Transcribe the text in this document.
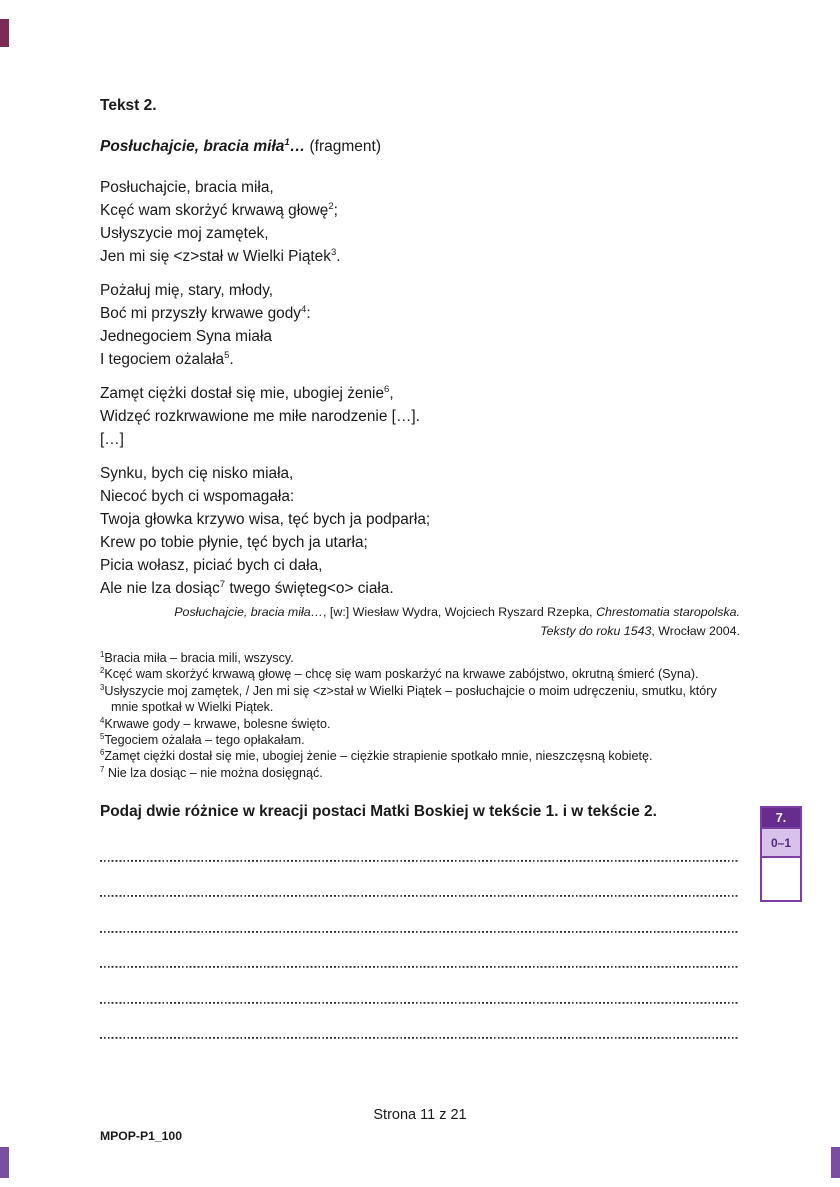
Tekst 2.
Posłuchajcie, bracia miła$^1$… (fragment)
Posłuchajcie, bracia miła,
Kcęć wam skorżyć krwawą głowę$^2$;
Usłyszycie moj zamętek,
Jen mi się <z>stał w Wielki Piątek$^3$.
Pożałuj mię, stary, młody,
Boć mi przyszły krwawe gody$^4$:
Jednegociem Syna miała
I tegociem ożalała$^5$.
Zamęt ciężki dostał się mie, ubogiej żenie$^6$,
Widzęć rozkrwawione me miłe narodzenie […].
[…]
Synku, bych cię nisko miała,
Niecoć bych ci wspomagała:
Twoja głowka krzywo wisa, tęć bych ja podparła;
Krew po tobie płynie, tęć bych ja utarła;
Picia wołasz, piciać bych ci dała,
Ale nie lza dosiąc$^7$ twego święteg<o> ciała.
Posłuchajcie, bracia miła…, [w:] Wiesław Wydra, Wojciech Ryszard Rzepka, Chrestomatia staropolska.
Teksty do roku 1543, Wrocław 2004.
$^1$Bracia miła – bracia mili, wszyscy.
$^2$Kcęć wam skorżyć krwawą głowę – chcę się wam poskarżyć na krwawe zabójstwo, okrutną śmierć (Syna).
$^3$Usłyszycie moj zamętek, / Jen mi się <z>stał w Wielki Piątek – posłuchajcie o moim udręczeniu, smutku, który mnie spotkał w Wielki Piątek.
$^4$Krwawe gody – krwawe, bolesne święto.
$^5$Tegociem ożalała – tego opłakałam.
$^6$Zamęt ciężki dostał się mie, ubogiej żenie – ciężkie strapienie spotkało mnie, nieszczęsną kobietę.
$^7$ Nie lza dosiąc – nie można dosięgnąć.
Podaj dwie różnice w kreacji postaci Matki Boskiej w tekście 1. i w tekście 2.	7.
0–1
Strona 11 z 21
MPOP-P1_100
